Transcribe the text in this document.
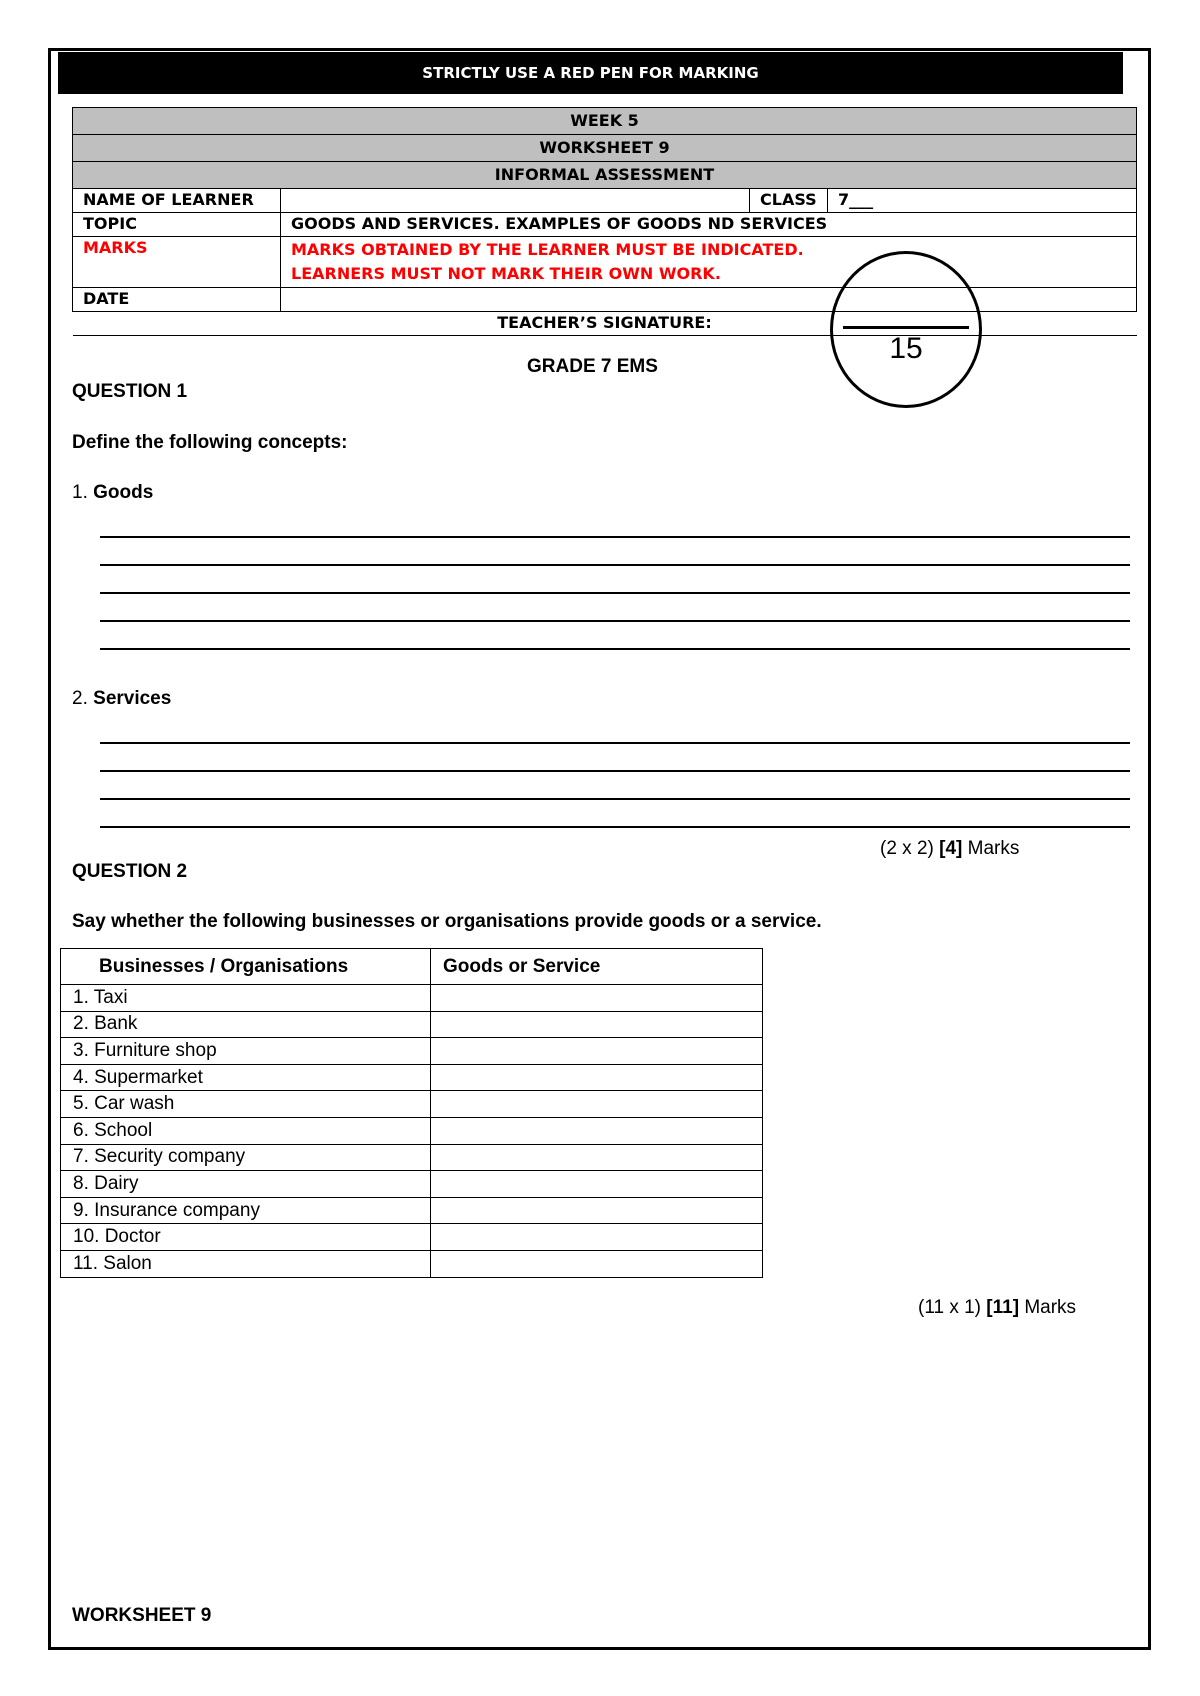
STRICTLY USE A RED PEN FOR MARKING
WEEK 5			
WORKSHEET 9			
INFORMAL ASSESSMENT			
NAME OF LEARNER		CLASS	7___
TOPIC	GOODS AND SERVICES. EXAMPLES OF GOODS ND SERVICES		
MARKS	MARKS OBTAINED BY THE LEARNER MUST BE INDICATED.
LEARNERS MUST NOT MARK THEIR OWN WORK.		

DATE			
TEACHER’S SIGNATURE:			
15
GRADE 7 EMS
QUESTION 1
Define the following concepts:
1. Goods
2. Services
(2 x 2) [4] Marks
QUESTION 2
Say whether the following businesses or organisations provide goods or a service.
Businesses / Organisations	Goods or Service
1. Taxi	
2. Bank	
3. Furniture shop	
4. Supermarket	
5. Car wash	
6. School	
7. Security company	
8. Dairy	
9. Insurance company	
10. Doctor	
11. Salon	
(11 x 1) [11] Marks
WORKSHEET 9
